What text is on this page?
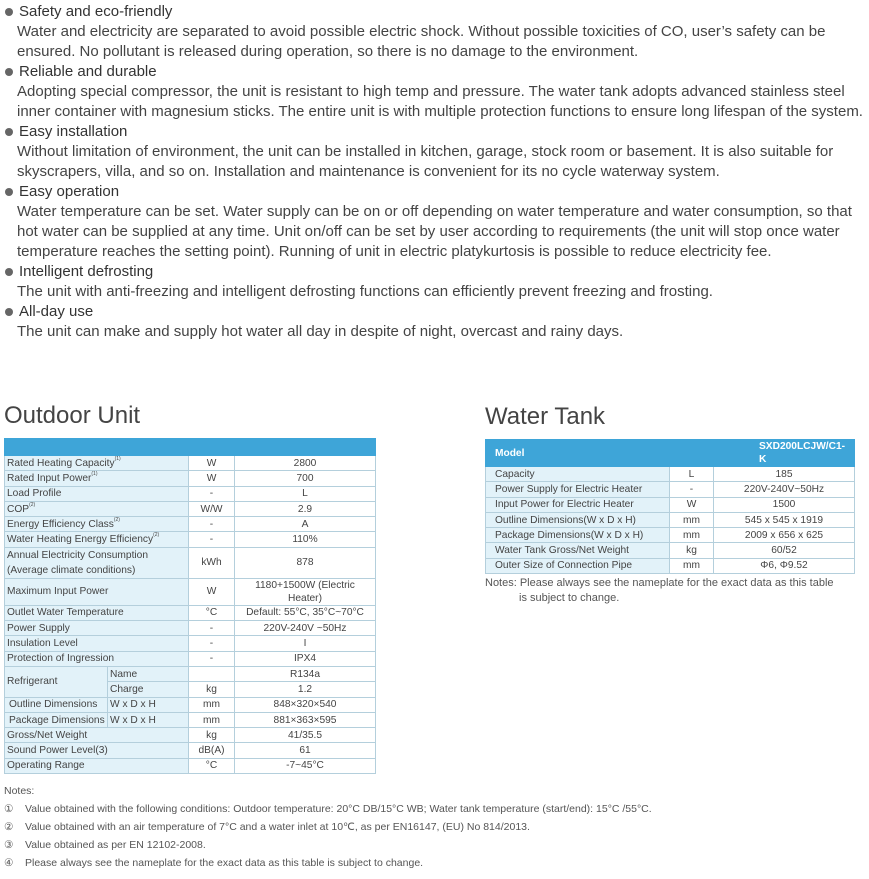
Safety and eco-friendly
Water and electricity are separated to avoid possible electric shock. Without possible toxicities of CO, user’s safety can be ensured. No pollutant is released during operation, so there is no damage to the environment.
Reliable and durable
Adopting special compressor, the unit is resistant to high temp and pressure. The water tank adopts advanced stainless steel inner container with magnesium sticks. The entire unit is with multiple protection functions to ensure long lifespan of the system.
Easy installation
Without limitation of environment, the unit can be installed in kitchen, garage, stock room or basement. It is also suitable for skyscrapers, villa, and so on. Installation and maintenance is convenient for its no cycle waterway system.
Easy operation
Water temperature can be set. Water supply can be on or off depending on water temperature and water consumption, so that hot water can be supplied at any time. Unit on/off can be set by user according to requirements (the unit will stop once water temperature reaches the setting point). Running of unit in electric platykurtosis is possible to reduce electricity fee.
Intelligent defrosting
The unit with anti-freezing and intelligent defrosting functions can efficiently prevent freezing and frosting.
All-day use
The unit can make and supply hot water all day in despite of night, overcast and rainy days.
Outdoor Unit	Water Tank

Rated Heating Capacity$^{(1)}$		W	2800
Rated Input Power$^{(1)}$		W	700
Load Profile		-	L
COP$^{(2)}$		W/W	2.9
Energy Efficiency Class$^{(2)}$		-	A
Water Heating Energy Efficiency$^{(2)}$		-	110%
Annual Electricity Consumption
(Average climate conditions)		kWh	878
Maximum Input Power		W	1180+1500W (Electric Heater)
Outlet Water Temperature		°C	Default: 55°C, 35°C~70°C
Power Supply		-	220V-240V ~50Hz
Insulation Level		-	I
Protection of Ingression		-	IPX4
Refrigerant	Name		R134a
	Charge	kg	1.2
Outline Dimensions	W x D x H	mm	848×320×540
Package Dimensions	W x D x H	mm	881×363×595
Gross/Net Weight		kg	41/35.5
Sound Power Level(3)		dB(A)	61
Operating Range		°C	-7~45°C
Model		SXD200LCJW/C1-K
Capacity	L	185
Power Supply for Electric Heater	-	220V-240V~50Hz
Input Power for Electric Heater	W	1500
Outline Dimensions(W x D x H)	mm	545 x 545 x 1919
Package Dimensions(W x D x H)	mm	2009 x 656 x 625
Water Tank Gross/Net Weight	kg	60/52
Outer Size of Connection Pipe	mm	Φ6, Φ9.52
Notes: Please always see the nameplate for the exact data as this table
is subject to change.
Notes:
① Value obtained with the following conditions: Outdoor temperature: 20°C DB/15°C WB; Water tank temperature (start/end): 15°C /55°C.
② Value obtained with an air temperature of 7°C and a water inlet at 10℃, as per EN16147, (EU) No 814/2013.
③ Value obtained as per EN 12102-2008.
④ Please always see the nameplate for the exact data as this table is subject to change.
